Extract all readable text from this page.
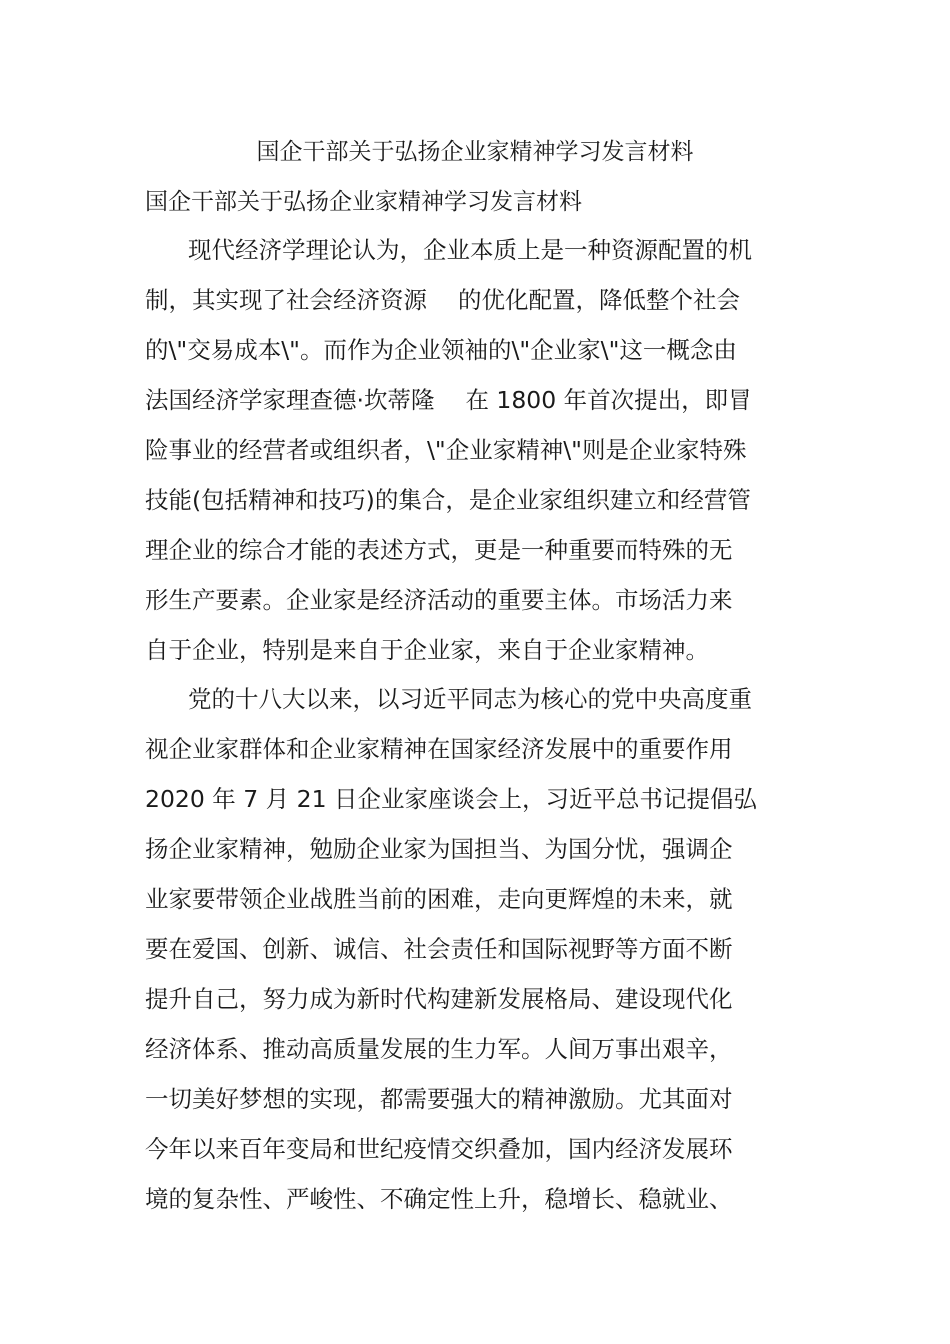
国企干部关于弘扬企业家精神学习发言材料
国企干部关于弘扬企业家精神学习发言材料
现代经济学理论认为，企业本质上是一种资源配置的机
制，其实现了社会经济资源 　的优化配置，降低整个社会
的\"交易成本\"。而作为企业领袖的\"企业家\"这一概念由
法国经济学家理查德·坎蒂隆 　在 1800 年首次提出，即冒
险事业的经营者或组织者，\"企业家精神\"则是企业家特殊
技能(包括精神和技巧)的集合，是企业家组织建立和经营管
理企业的综合才能的表述方式，更是一种重要而特殊的无
形生产要素。企业家是经济活动的重要主体。市场活力来
自于企业，特别是来自于企业家，来自于企业家精神。
党的十八大以来，以习近平同志为核心的党中央高度重
视企业家群体和企业家精神在国家经济发展中的重要作用
2020 年 7 月 21 日企业家座谈会上，习近平总书记提倡弘
扬企业家精神，勉励企业家为国担当、为国分忧，强调企
业家要带领企业战胜当前的困难，走向更辉煌的未来，就
要在爱国、创新、诚信、社会责任和国际视野等方面不断
提升自己，努力成为新时代构建新发展格局、建设现代化
经济体系、推动高质量发展的生力军。人间万事出艰辛，
一切美好梦想的实现，都需要强大的精神激励。尤其面对
今年以来百年变局和世纪疫情交织叠加，国内经济发展环
境的复杂性、严峻性、不确定性上升，稳增长、稳就业、
